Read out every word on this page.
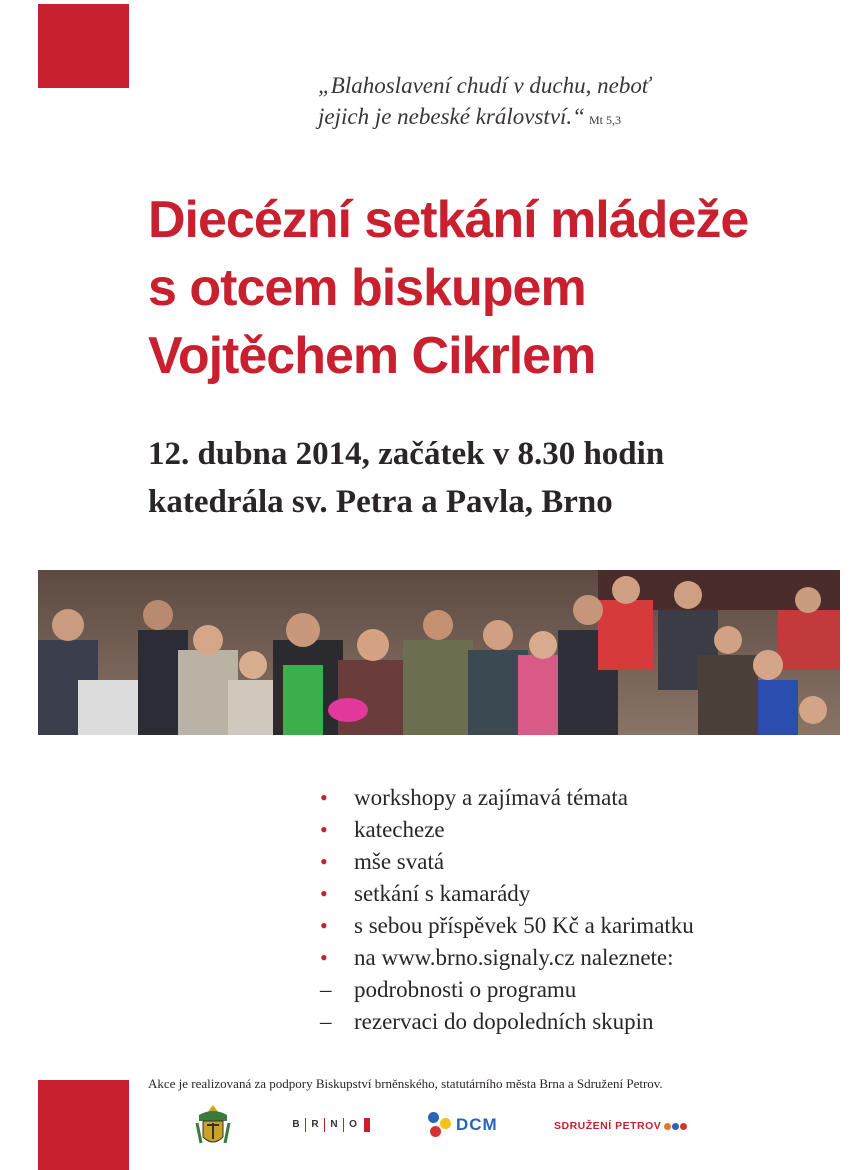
„Blahoslavení chudí v duchu, neboť
jejich je nebeské království.“ Mt 5,3
Diecézní setkání mládeže
s otcem biskupem
Vojtěchem Cikrlem
12. dubna 2014, začátek v 8.30 hodin
katedrála sv. Petra a Pavla, Brno
• workshopy a zajímavá témata
• katecheze
• mše svatá
• setkání s kamarády
• s sebou příspěvek 50 Kč a karimatku
• na www.brno.signaly.cz naleznete:
– podrobnosti o programu
– rezervaci do dopoledních skupin
Akce je realizovaná za podpory Biskupství brněnského, statutárního města Brna a Sdružení Petrov.
B	R	N	O	DCM	SDRUŽENÍ PETROV
